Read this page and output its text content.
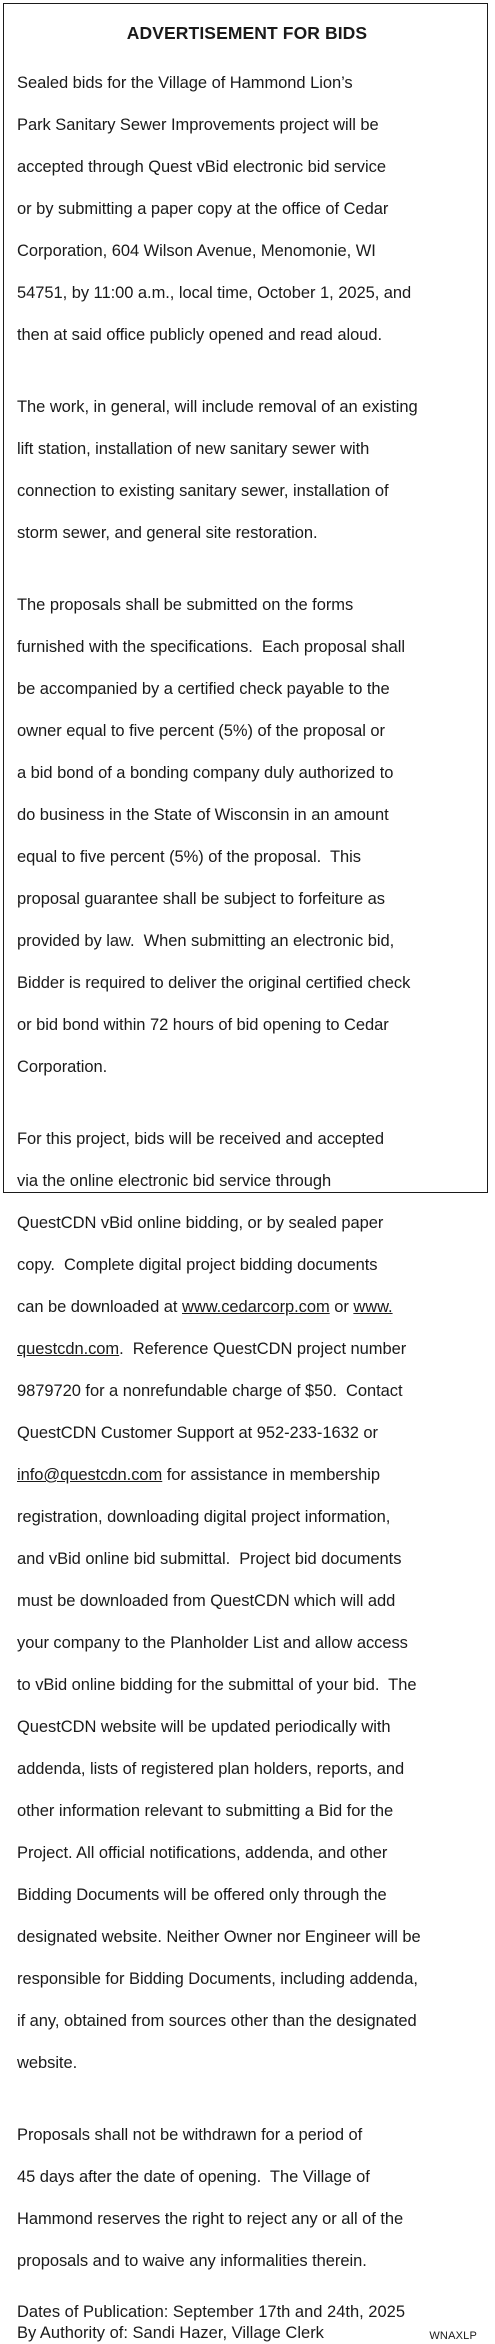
ADVERTISEMENT FOR BIDS

Sealed bids for the Village of Hammond Lion’s

Park Sanitary Sewer Improvements project will be

accepted through Quest vBid electronic bid service

or by submitting a paper copy at the office of Cedar

Corporation, 604 Wilson Avenue, Menomonie, WI

54751, by 11:00 a.m., local time, October 1, 2025, and

then at said office publicly opened and read aloud.

The work, in general, will include removal of an existing

lift station, installation of new sanitary sewer with

connection to existing sanitary sewer, installation of

storm sewer, and general site restoration.

The proposals shall be submitted on the forms

furnished with the specifications.  Each proposal shall

be accompanied by a certified check payable to the

owner equal to five percent (5%) of the proposal or

a bid bond of a bonding company duly authorized to

do business in the State of Wisconsin in an amount

equal to five percent (5%) of the proposal.  This

proposal guarantee shall be subject to forfeiture as

provided by law.  When submitting an electronic bid,

Bidder is required to deliver the original certified check

or bid bond within 72 hours of bid opening to Cedar

Corporation.

For this project, bids will be received and accepted

via the online electronic bid service through

QuestCDN vBid online bidding, or by sealed paper

copy.  Complete digital project bidding documents

can be downloaded at www.cedarcorp.com or www.

questcdn.com.  Reference QuestCDN project number

9879720 for a nonrefundable charge of $50.  Contact

QuestCDN Customer Support at 952-233-1632 or

info@questcdn.com for assistance in membership

registration, downloading digital project information,

and vBid online bid submittal.  Project bid documents

must be downloaded from QuestCDN which will add

your company to the Planholder List and allow access

to vBid online bidding for the submittal of your bid.  The

QuestCDN website will be updated periodically with

addenda, lists of registered plan holders, reports, and

other information relevant to submitting a Bid for the

Project. All official notifications, addenda, and other

Bidding Documents will be offered only through the

designated website. Neither Owner nor Engineer will be

responsible for Bidding Documents, including addenda,

if any, obtained from sources other than the designated

website.

Proposals shall not be withdrawn for a period of

45 days after the date of opening.  The Village of

Hammond reserves the right to reject any or all of the

proposals and to waive any informalities therein.

Dates of Publication: September 17th and 24th, 2025
By Authority of: Sandi Hazer, Village Clerk	WNAXLP
